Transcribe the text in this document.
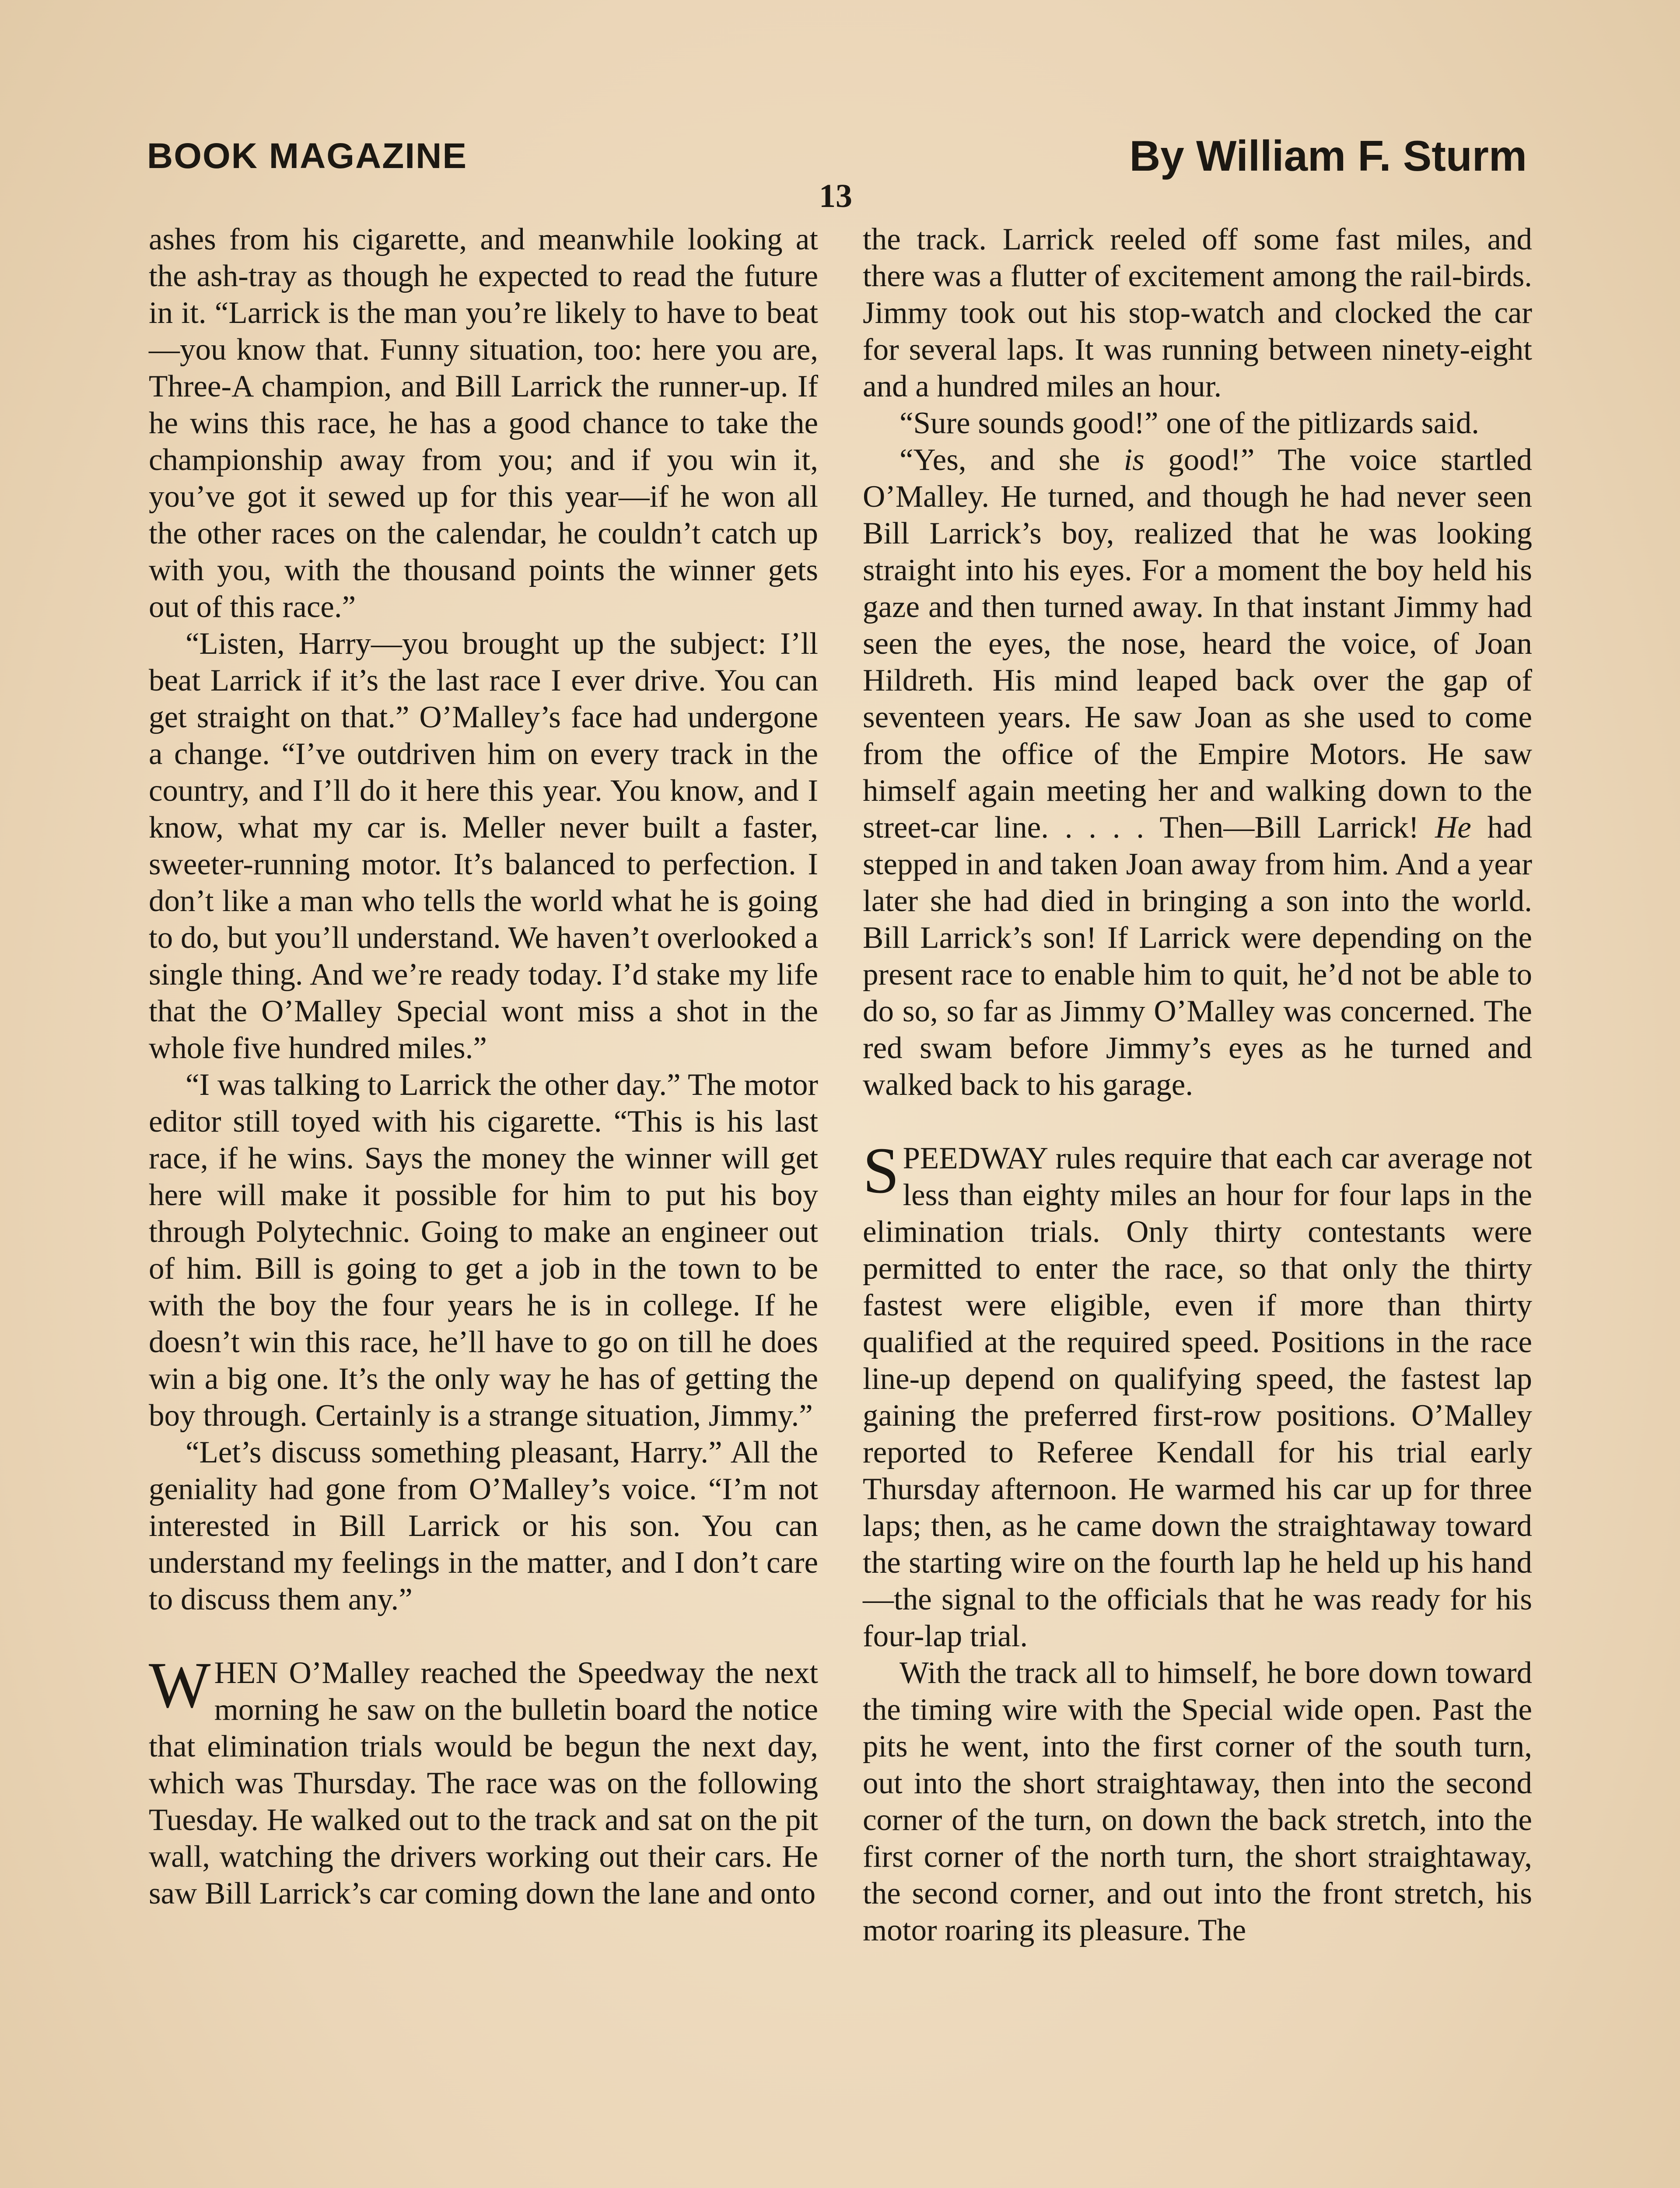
BOOK MAGAZINE	By William F. Sturm
13

ashes from his cigarette, and meanwhile looking at the ash-tray as though he expected to read the future in it. “Larrick is the man you’re likely to have to beat—you know that. Funny situation, too: here you are, Three-A champion, and Bill Larrick the runner-up. If he wins this race, he has a good chance to take the championship away from you; and if you win it, you’ve got it sewed up for this year—if he won all the other races on the calendar, he couldn’t catch up with you, with the thousand points the winner gets out of this race.”

“Listen, Harry—you brought up the subject: I’ll beat Larrick if it’s the last race I ever drive. You can get straight on that.” O’Malley’s face had undergone a change. “I’ve outdriven him on every track in the country, and I’ll do it here this year. You know, and I know, what my car is. Meller never built a faster, sweeter-running motor. It’s balanced to perfection. I don’t like a man who tells the world what he is going to do, but you’ll understand. We haven’t overlooked a single thing. And we’re ready today. I’d stake my life that the O’Malley Special wont miss a shot in the whole five hundred miles.”

“I was talking to Larrick the other day.” The motor editor still toyed with his cigarette. “This is his last race, if he wins. Says the money the winner will get here will make it possible for him to put his boy through Polytechnic. Going to make an engineer out of him. Bill is going to get a job in the town to be with the boy the four years he is in college. If he doesn’t win this race, he’ll have to go on till he does win a big one. It’s the only way he has of getting the boy through. Certainly is a strange situation, Jimmy.”

“Let’s discuss something pleasant, Harry.” All the geniality had gone from O’Malley’s voice. “I’m not interested in Bill Larrick or his son. You can understand my feelings in the matter, and I don’t care to discuss them any.”

WHEN O’Malley reached the Speedway the next morning he saw on the bulletin board the notice that elimination trials would be begun the next day, which was Thursday. The race was on the following Tuesday. He walked out to the track and sat on the pit wall, watching the drivers working out their cars. He saw Bill Larrick’s car coming down the lane and onto

the track. Larrick reeled off some fast miles, and there was a flutter of excitement among the rail-birds. Jimmy took out his stop-watch and clocked the car for several laps. It was running between ninety-eight and a hundred miles an hour.

“Sure sounds good!” one of the pitlizards said.

“Yes, and she is good!” The voice startled O’Malley. He turned, and though he had never seen Bill Larrick’s boy, realized that he was looking straight into his eyes. For a moment the boy held his gaze and then turned away. In that instant Jimmy had seen the eyes, the nose, heard the voice, of Joan Hildreth. His mind leaped back over the gap of seventeen years. He saw Joan as she used to come from the office of the Empire Motors. He saw himself again meeting her and walking down to the street-car line. . . . . Then—Bill Larrick! He had stepped in and taken Joan away from him. And a year later she had died in bringing a son into the world. Bill Larrick’s son! If Larrick were depending on the present race to enable him to quit, he’d not be able to do so, so far as Jimmy O’Malley was concerned. The red swam before Jimmy’s eyes as he turned and walked back to his garage.

SPEEDWAY rules require that each car average not less than eighty miles an hour for four laps in the elimination trials. Only thirty contestants were permitted to enter the race, so that only the thirty fastest were eligible, even if more than thirty qualified at the required speed. Positions in the race line-up depend on qualifying speed, the fastest lap gaining the preferred first-row positions. O’Malley reported to Referee Kendall for his trial early Thursday afternoon. He warmed his car up for three laps; then, as he came down the straightaway toward the starting wire on the fourth lap he held up his hand—the signal to the officials that he was ready for his four-lap trial.

With the track all to himself, he bore down toward the timing wire with the Special wide open. Past the pits he went, into the first corner of the south turn, out into the short straightaway, then into the second corner of the turn, on down the back stretch, into the first corner of the north turn, the short straightaway, the second corner, and out into the front stretch, his motor roaring its pleasure. The
